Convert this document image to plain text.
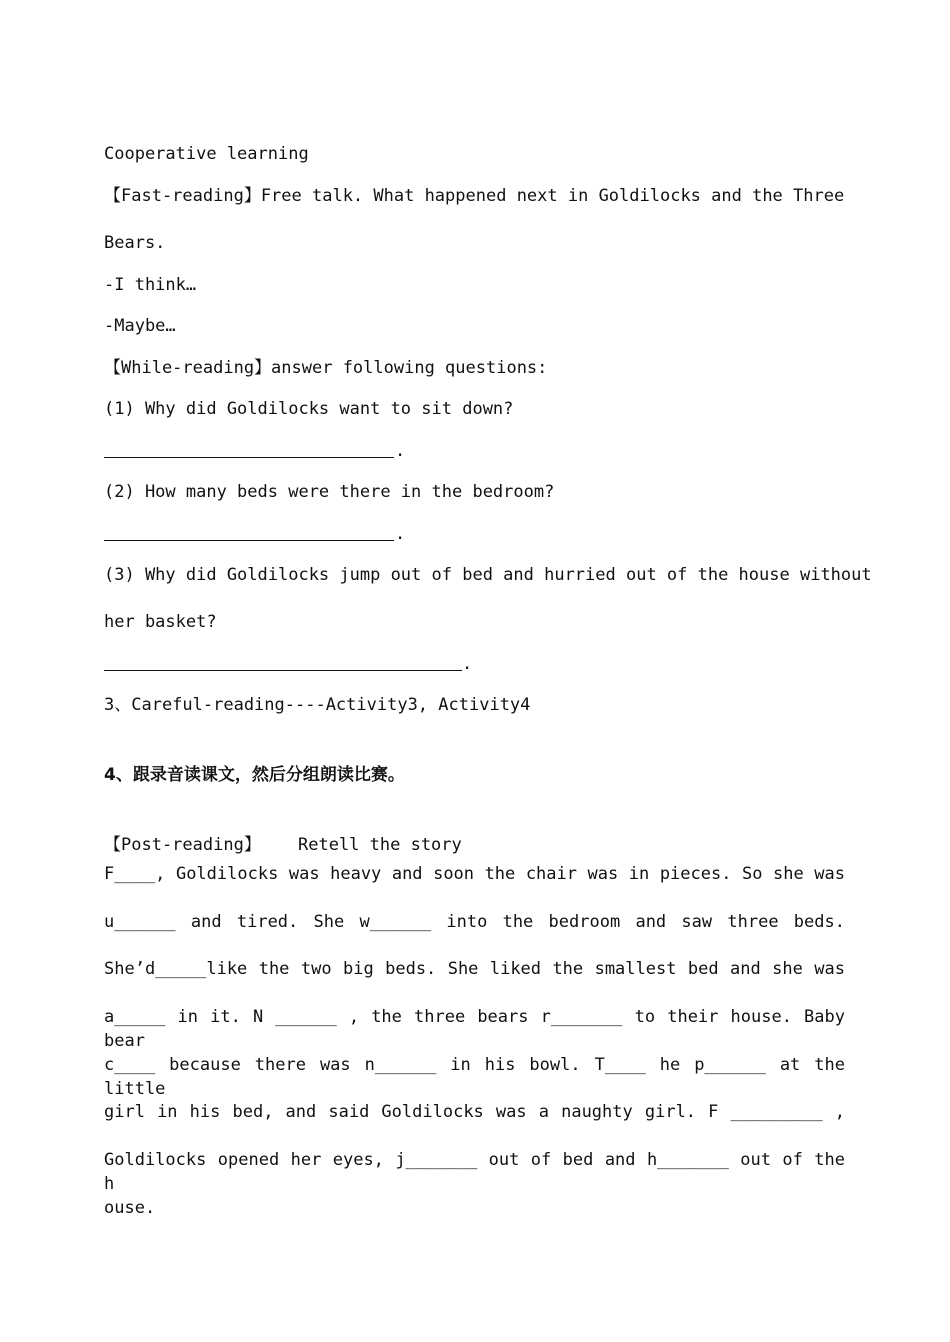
Cooperative learning
【Fast-reading】Free talk. What happened next in Goldilocks and the Three
Bears.
-I think…
-Maybe…
【While-reading】answer following questions:
(1) Why did Goldilocks want to sit down?
.
(2) How many beds were there in the bedroom?
.
(3) Why did Goldilocks jump out of bed and hurried out of the house without
her basket?
.
3、Careful-reading----Activity3, Activity4
4、跟录音读课文，然后分组朗读比赛。
【Post-reading】 Retell the story
F____, Goldilocks was heavy and soon the chair was in pieces. So she was
u______ and tired. She w______ into the bedroom and saw three beds.
She’d_____like the two big beds. She liked the smallest bed and she was
a_____ in it. N ______ , the three bears r_______ to their house. Baby bear
c____ because there was n______ in his bowl. T____ he p______ at the little
girl in his bed, and said Goldilocks was a naughty girl. F _________ ,
Goldilocks opened her eyes, j_______ out of bed and h_______ out of the h
ouse.
